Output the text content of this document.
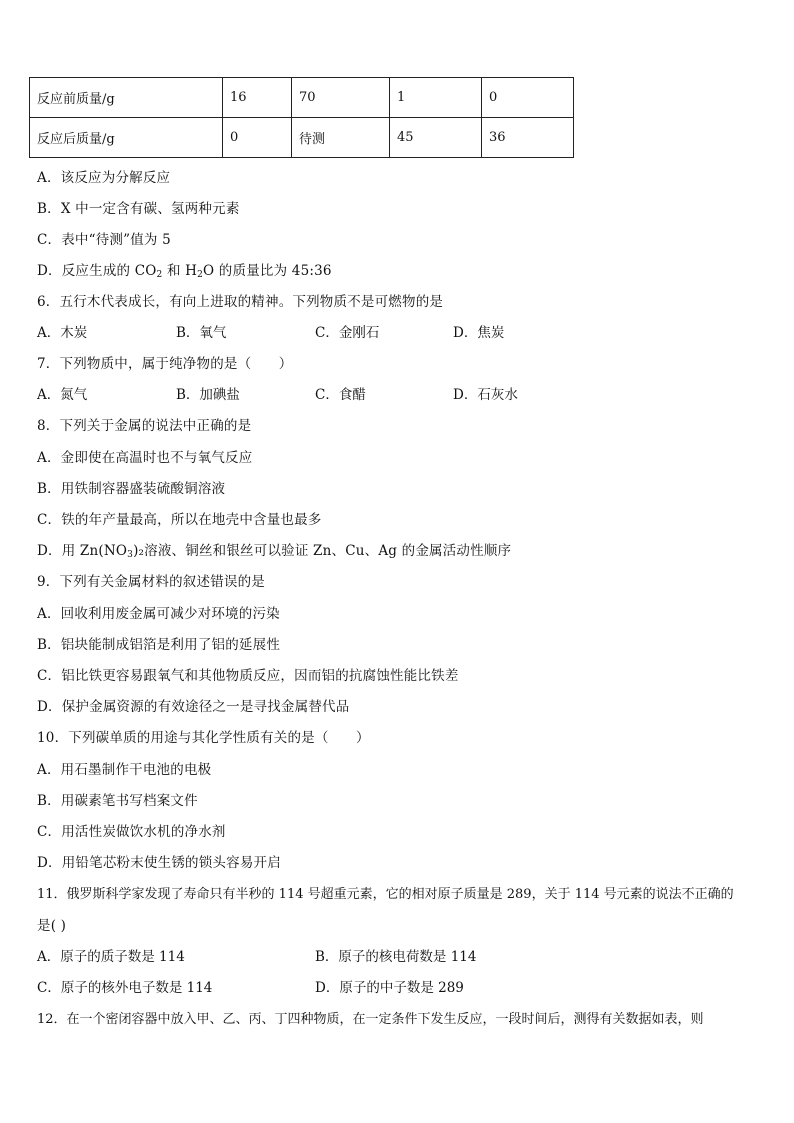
反应前质量/g	16	70	1	0
反应后质量/g	0	待测	45	36
A．该反应为分解反应
B．X 中一定含有碳、氢两种元素
C．表中“待测”值为 5
D．反应生成的 $CO_2$ 和 $H_2O$ 的质量比为 45:36
6．五行木代表成长，有向上进取的精神。下列物质不是可燃物的是
A．木炭	B．氧气	C．金刚石	D．焦炭
7．下列物质中，属于纯净物的是（　　）
A．氮气	B．加碘盐	C．食醋	D．石灰水
8．下列关于金属的说法中正确的是
A．金即使在高温时也不与氧气反应
B．用铁制容器盛装硫酸铜溶液
C．铁的年产量最高，所以在地壳中含量也最多
D．用 $Zn(NO_3)_2$溶液、铜丝和银丝可以验证 Zn、Cu、Ag 的金属活动性顺序
9．下列有关金属材料的叙述错误的是
A．回收利用废金属可减少对环境的污染
B．铝块能制成铝箔是利用了铝的延展性
C．铝比铁更容易跟氧气和其他物质反应，因而铝的抗腐蚀性能比铁差
D．保护金属资源的有效途径之一是寻找金属替代品
10．下列碳单质的用途与其化学性质有关的是（　　）
A．用石墨制作干电池的电极
B．用碳素笔书写档案文件
C．用活性炭做饮水机的净水剂
D．用铅笔芯粉末使生锈的锁头容易开启
11．俄罗斯科学家发现了寿命只有半秒的 114 号超重元素，它的相对原子质量是 289，关于 114 号元素的说法不正确的
是( )
A．原子的质子数是 114	B．原子的核电荷数是 114
C．原子的核外电子数是 114	D．原子的中子数是 289
12．在一个密闭容器中放入甲、乙、丙、丁四种物质，在一定条件下发生反应，一段时间后，测得有关数据如表，则
